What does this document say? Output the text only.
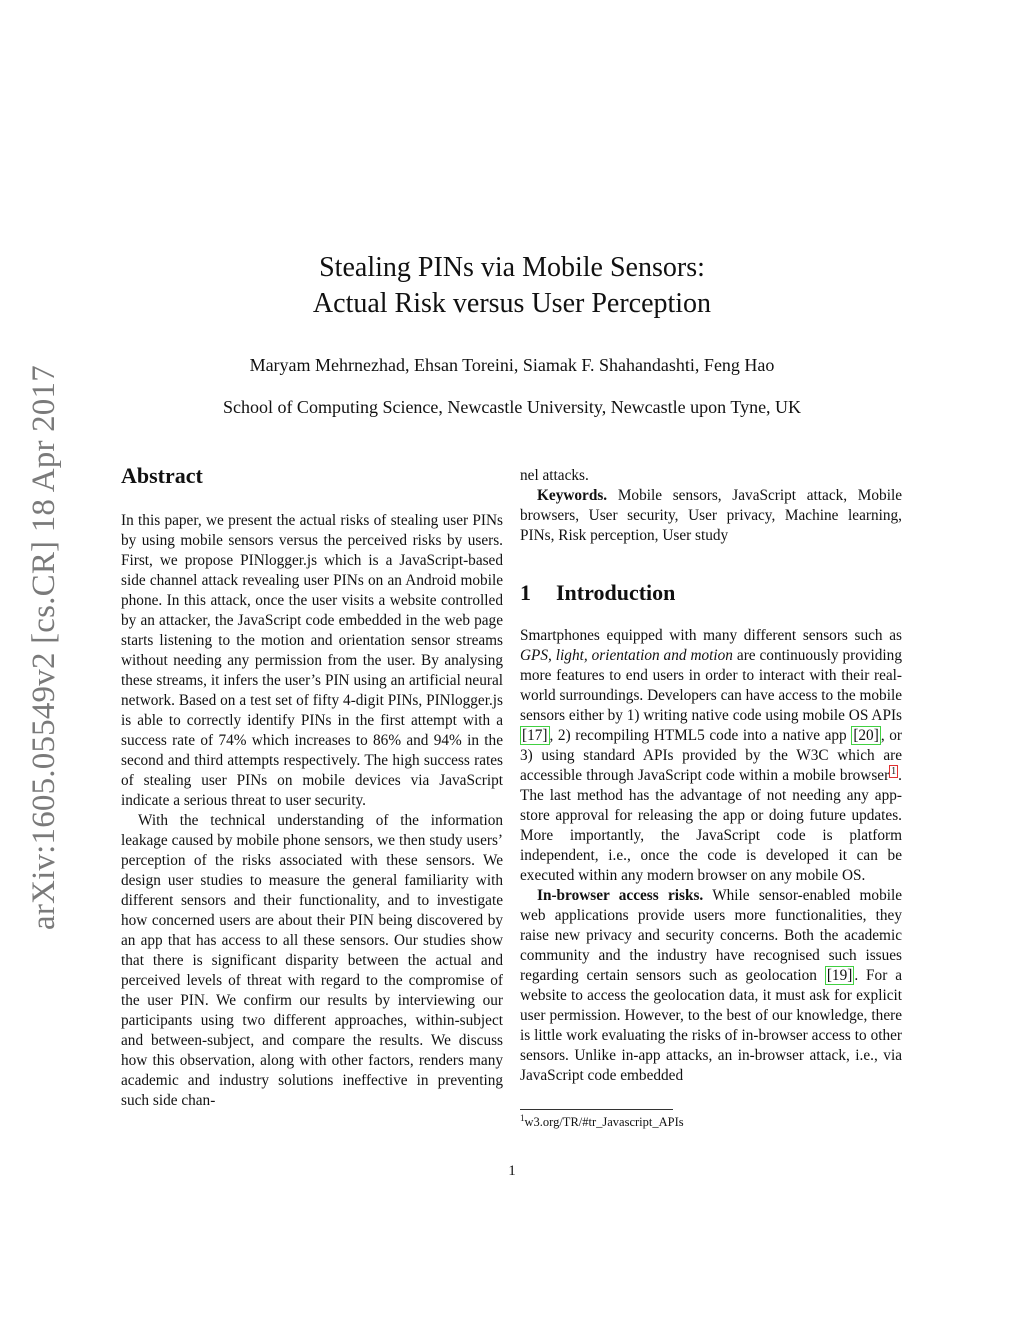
arXiv:1605.05549v2 [cs.CR] 18 Apr 2017
Stealing PINs via Mobile Sensors:
Actual Risk versus User Perception
Maryam Mehrnezhad, Ehsan Toreini, Siamak F. Shahandashti, Feng Hao
School of Computing Science, Newcastle University, Newcastle upon Tyne, UK
Abstract

In this paper, we present the actual risks of stealing user PINs by using mobile sensors versus the perceived risks by users. First, we propose PINlogger.js which is a JavaScript-based side channel attack revealing user PINs on an Android mobile phone. In this attack, once the user visits a website controlled by an attacker, the JavaScript code embedded in the web page starts listening to the motion and orientation sensor streams without needing any permission from the user. By analysing these streams, it infers the user’s PIN using an artificial neural network. Based on a test set of fifty 4-digit PINs, PINlogger.js is able to correctly identify PINs in the first attempt with a success rate of 74% which increases to 86% and 94% in the second and third attempts respectively. The high success rates of stealing user PINs on mobile devices via JavaScript indicate a serious threat to user security.

With the technical understanding of the information leakage caused by mobile phone sensors, we then study users’ perception of the risks associated with these sensors. We design user studies to measure the general familiarity with different sensors and their functionality, and to investigate how concerned users are about their PIN being discovered by an app that has access to all these sensors. Our studies show that there is significant disparity between the actual and perceived levels of threat with regard to the compromise of the user PIN. We confirm our results by interviewing our participants using two different approaches, within-subject and between-subject, and compare the results. We discuss how this observation, along with other factors, renders many academic and industry solutions ineffective in preventing such side chan-

nel attacks.

Keywords. Mobile sensors, JavaScript attack, Mobile browsers, User security, User privacy, Machine learning, PINs, Risk perception, User study

1 Introduction

Smartphones equipped with many different sensors such as GPS, light, orientation and motion are continuously providing more features to end users in order to interact with their real-world surroundings. Developers can have access to the mobile sensors either by 1) writing native code using mobile OS APIs [17] , 2) recompiling HTML5 code into a native app [20] , or 3) using standard APIs provided by the W3C which are accessible through JavaScript code within a mobile browser $^1$ . The last method has the advantage of not needing any app-store approval for releasing the app or doing future updates. More importantly, the JavaScript code is platform independent, i.e., once the code is developed it can be executed within any modern browser on any mobile OS.

In-browser access risks. While sensor-enabled mobile web applications provide users more functionalities, they raise new privacy and security concerns. Both the academic community and the industry have recognised such issues regarding certain sensors such as geolocation [19] . For a website to access the geolocation data, it must ask for explicit user permission. However, to the best of our knowledge, there is little work evaluating the risks of in-browser access to other sensors. Unlike in-app attacks, an in-browser attack, i.e., via JavaScript code embedded

$^1$w3.org/TR/#tr_Javascript_APIs
1
